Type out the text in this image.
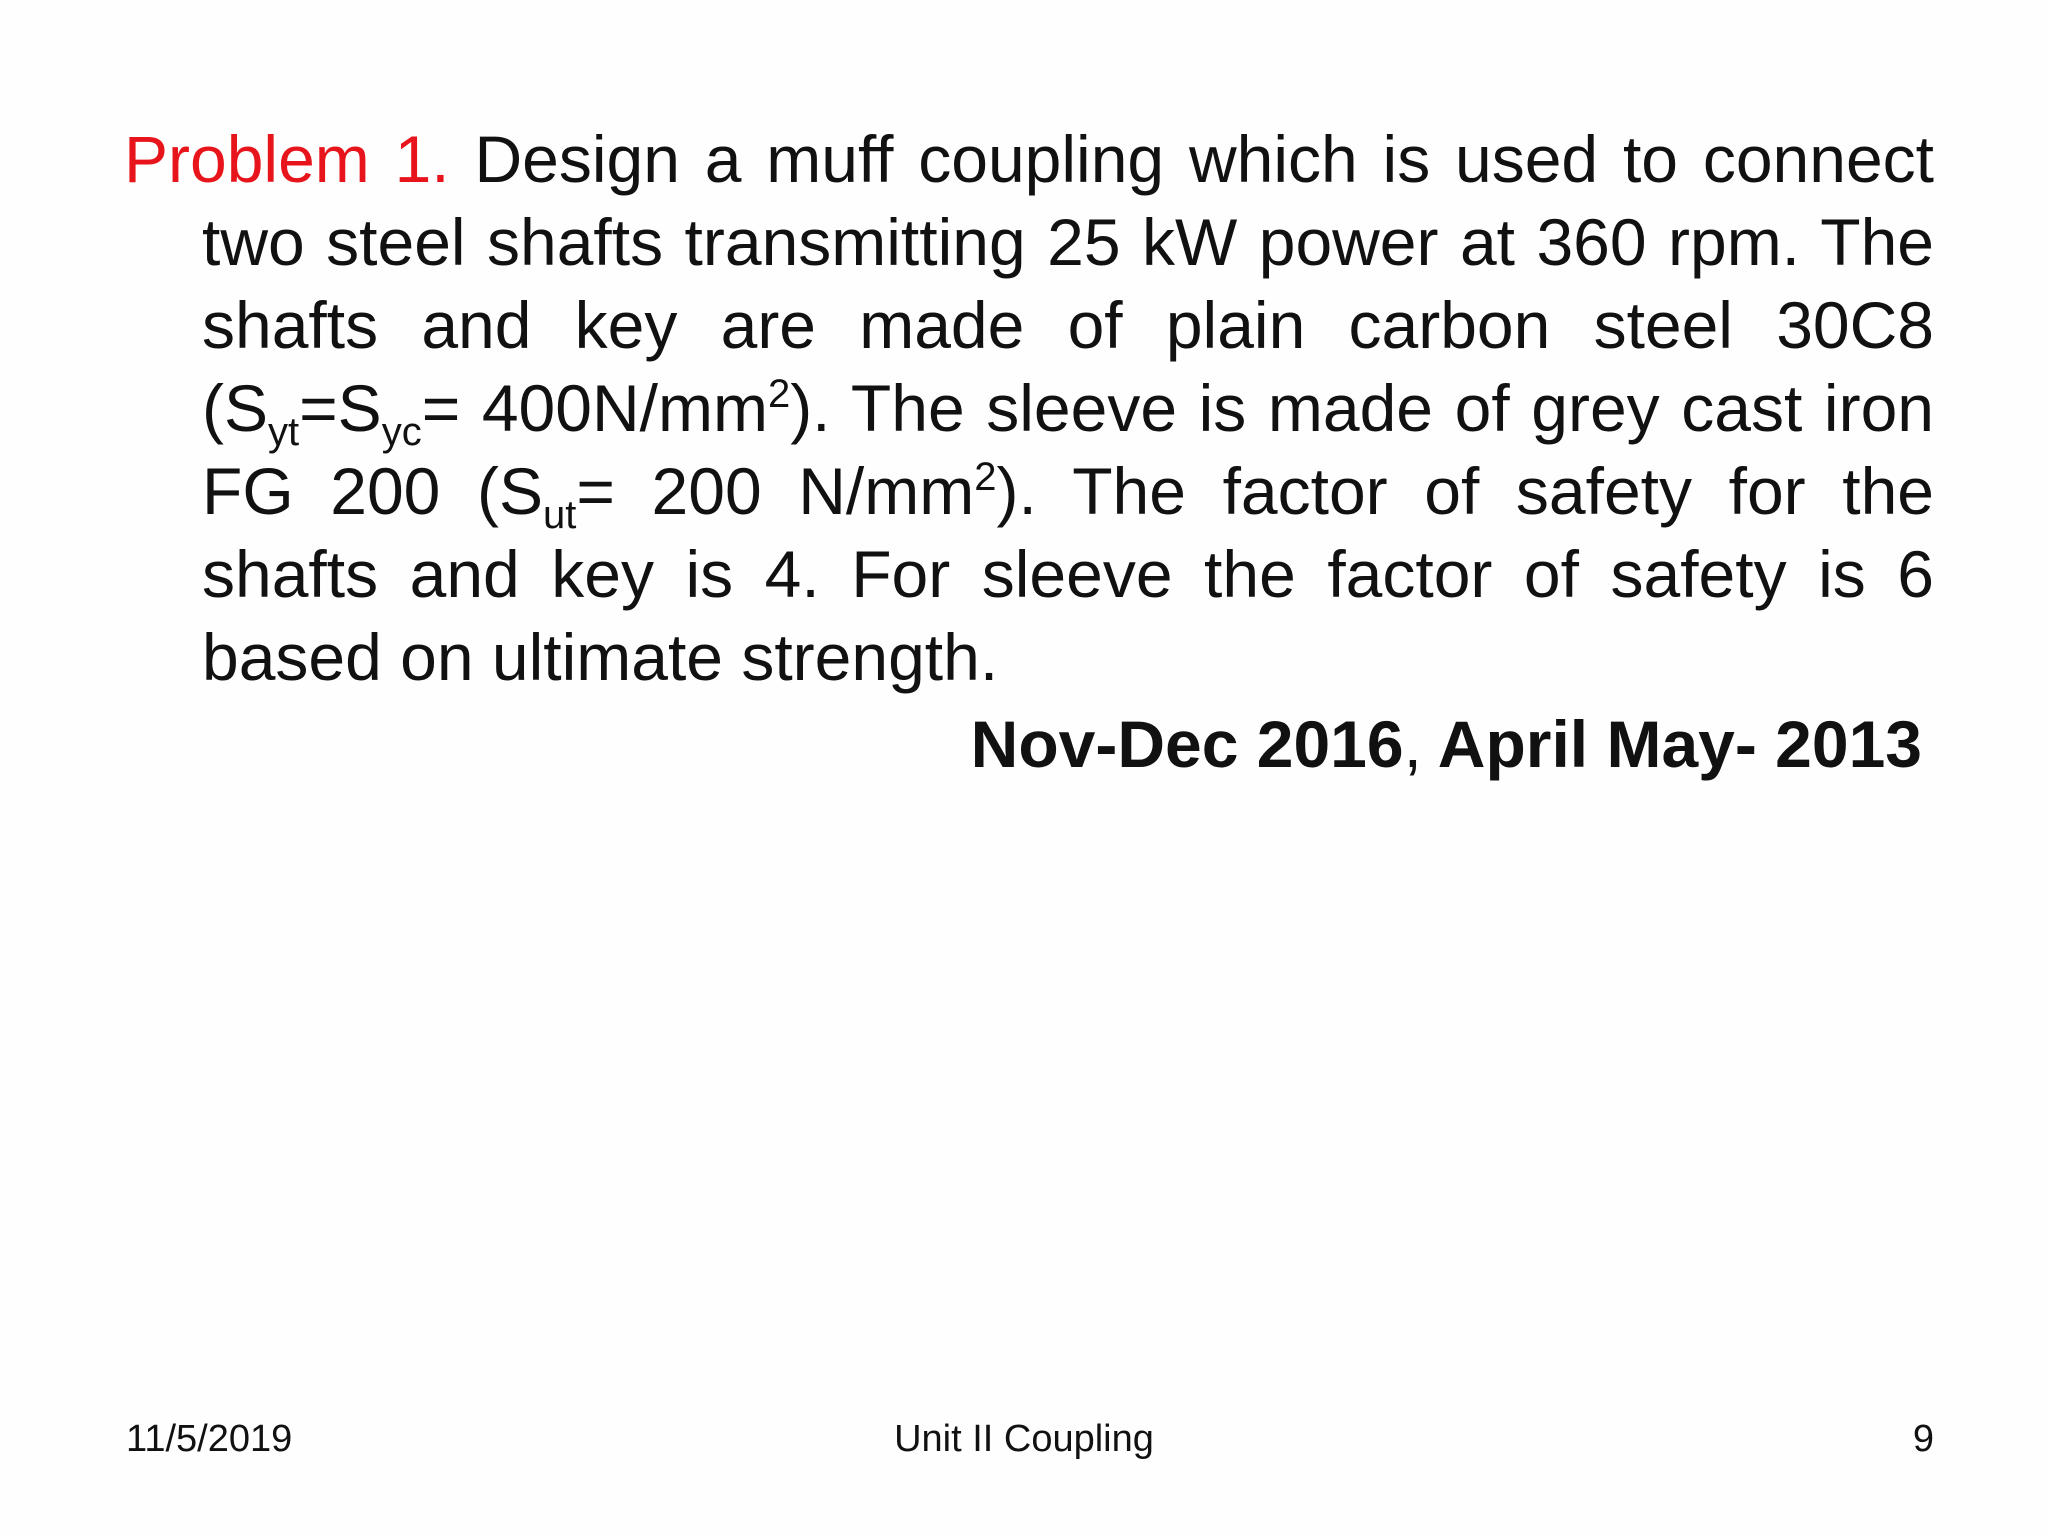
Problem 1. Design a muff coupling which is used to connect two steel shafts transmitting 25 kW power at 360 rpm. The shafts and key are made of plain carbon steel 30C8 $(S_{yt}=S_{yc}= 400N/mm^2)$. The sleeve is made of grey cast iron FG 200 ($S_{ut}= 200$ $N/mm^2$). The factor of safety for the shafts and key is 4. For sleeve the factor of safety is 6 based on ultimate strength.

Nov-Dec 2016, April May- 2013
11/5/2019	Unit II Coupling	9
